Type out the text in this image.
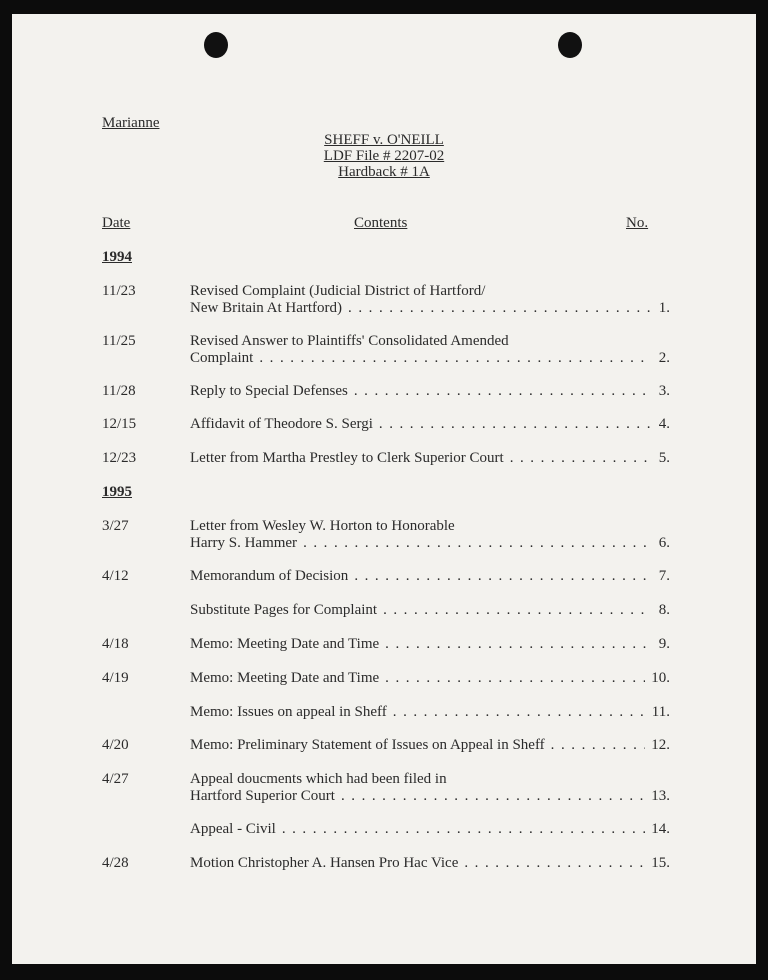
Marianne
SHEFF v. O'NEILL
LDF File # 2207-02
Hardback # 1A
Date	Contents	No.
1994
11/23	Revised Complaint (Judicial District of Hartford/
New Britain At Hartford) . . .	1.
11/25	Revised Answer to Plaintiffs' Consolidated Amended
Complaint . . .	2.
11/28	Reply to Special Defenses . . .	3.
12/15	Affidavit of Theodore S. Sergi . . .	4.
12/23	Letter from Martha Prestley to Clerk Superior Court . . .	5.
1995
3/27	Letter from Wesley W. Horton to Honorable
Harry S. Hammer . . .	6.
4/12	Memorandum of Decision . . .	7.
Substitute Pages for Complaint . . .	8.
4/18	Memo: Meeting Date and Time . . .	9.
4/19	Memo: Meeting Date and Time . . .	10.
Memo: Issues on appeal in Sheff . . .	11.
4/20	Memo: Preliminary Statement of Issues on Appeal in Sheff . . .	12.
4/27	Appeal doucments which had been filed in
Hartford Superior Court . . .	13.
Appeal - Civil . . .	14.
4/28	Motion Christopher A. Hansen Pro Hac Vice . . .	15.
